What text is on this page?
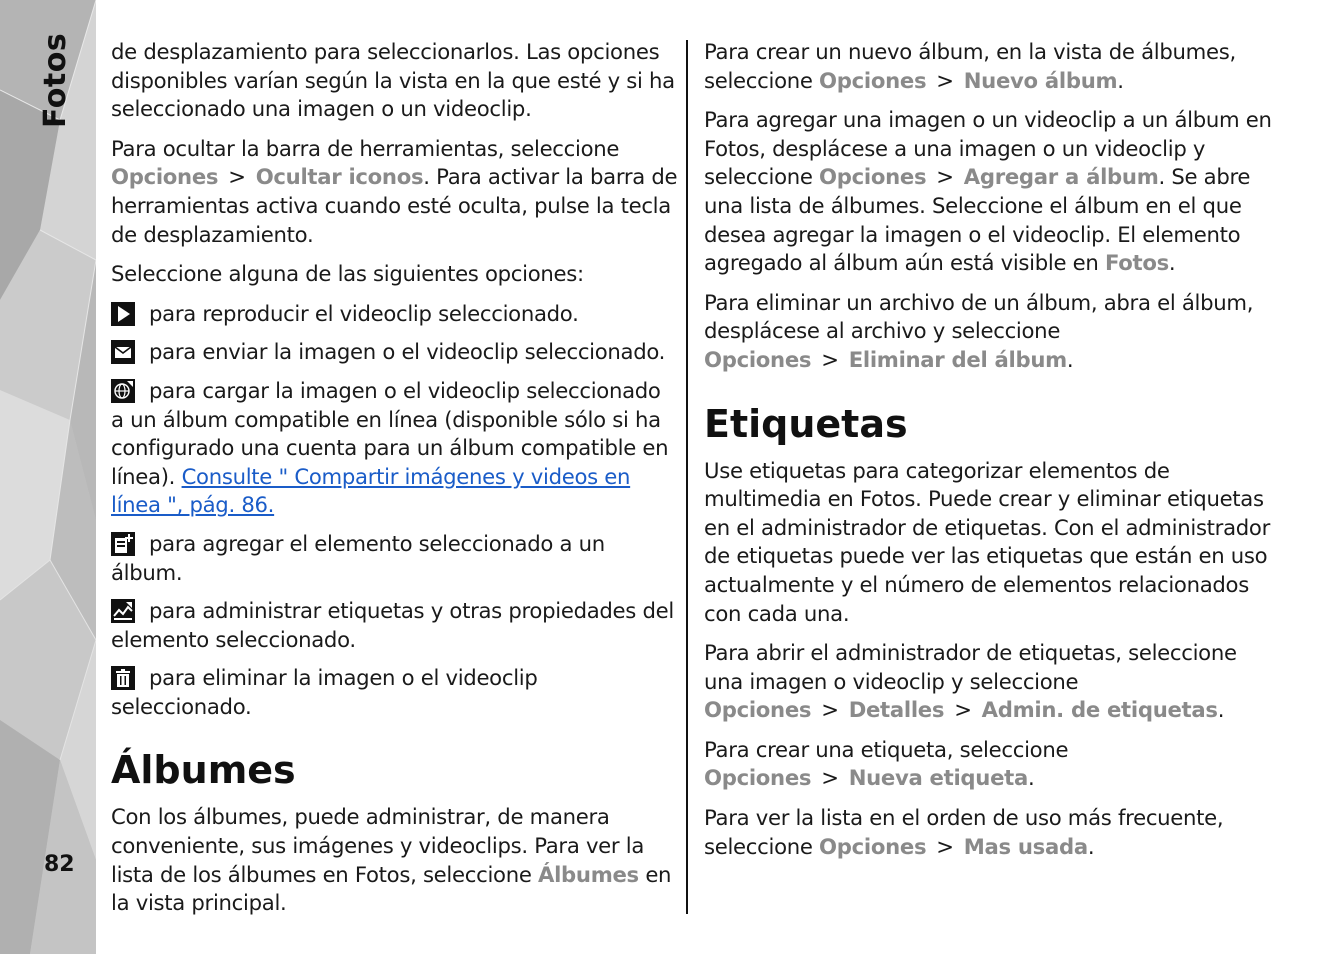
Fotos
82

de desplazamiento para seleccionarlos. Las opciones disponibles varían según la vista en la que esté y si ha seleccionado una imagen o un videoclip.

Para ocultar la barra de herramientas, seleccione Opciones > Ocultar iconos. Para activar la barra de herramientas activa cuando esté oculta, pulse la tecla de desplazamiento.

Seleccione alguna de las siguientes opciones:

para reproducir el videoclip seleccionado.

para enviar la imagen o el videoclip seleccionado.

para cargar la imagen o el videoclip seleccionado a un álbum compatible en línea (disponible sólo si ha configurado una cuenta para un álbum compatible en línea). Consulte " Compartir imágenes y videos en línea ", pág. 86.

para agregar el elemento seleccionado a un álbum.

para administrar etiquetas y otras propiedades del elemento seleccionado.

para eliminar la imagen o el videoclip seleccionado.

Álbumes

Con los álbumes, puede administrar, de manera conveniente, sus imágenes y videoclips. Para ver la lista de los álbumes en Fotos, seleccione Álbumes en la vista principal.

Para crear un nuevo álbum, en la vista de álbumes, seleccione Opciones > Nuevo álbum.

Para agregar una imagen o un videoclip a un álbum en Fotos, desplácese a una imagen o un videoclip y seleccione Opciones > Agregar a álbum. Se abre una lista de álbumes. Seleccione el álbum en el que desea agregar la imagen o el videoclip. El elemento agregado al álbum aún está visible en Fotos.

Para eliminar un archivo de un álbum, abra el álbum, desplácese al archivo y seleccione Opciones > Eliminar del álbum.

Etiquetas

Use etiquetas para categorizar elementos de multimedia en Fotos. Puede crear y eliminar etiquetas en el administrador de etiquetas. Con el administrador de etiquetas puede ver las etiquetas que están en uso actualmente y el número de elementos relacionados con cada una.

Para abrir el administrador de etiquetas, seleccione una imagen o videoclip y seleccione Opciones > Detalles > Admin. de etiquetas.

Para crear una etiqueta, seleccione Opciones > Nueva etiqueta.

Para ver la lista en el orden de uso más frecuente, seleccione Opciones > Mas usada.
